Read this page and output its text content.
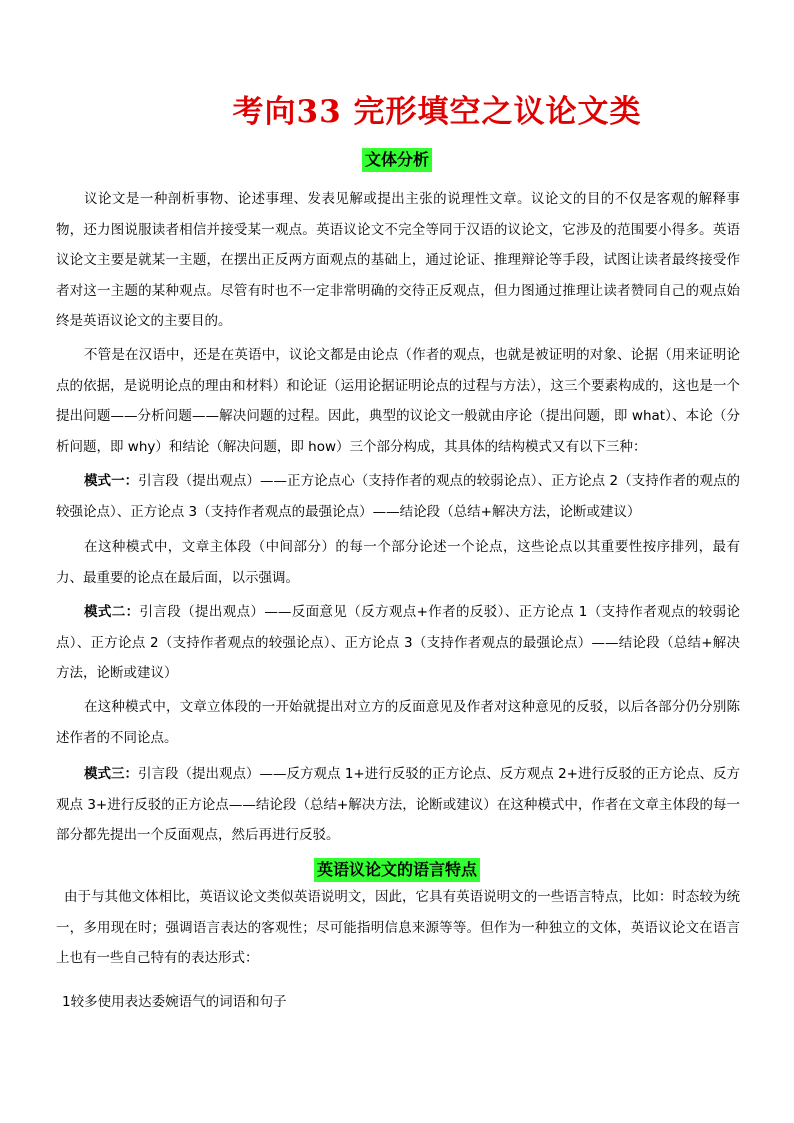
考向33 完形填空之议论文类
文体分析

议论文是一种剖析事物、论述事理、发表见解或提出主张的说理性文章。议论文的目的不仅是客观的解释事物，还力图说服读者相信并接受某一观点。英语议论文不完全等同于汉语的议论文，它涉及的范围要小得多。英语议论文主要是就某一主题，在摆出正反两方面观点的基础上，通过论证、推理辩论等手段，试图让读者最终接受作者对这一主题的某种观点。尽管有时也不一定非常明确的交待正反观点，但力图通过推理让读者赞同自己的观点始终是英语议论文的主要目的。

不管是在汉语中，还是在英语中，议论文都是由论点（作者的观点，也就是被证明的对象、论据（用来证明论点的依据，是说明论点的理由和材料）和论证（运用论据证明论点的过程与方法），这三个要素构成的，这也是一个提出问题——分析问题——解决问题的过程。因此，典型的议论文一般就由序论（提出问题，即 what）、本论（分析问题，即 why）和结论（解决问题，即 how）三个部分构成，其具体的结构模式又有以下三种：

模式一：引言段（提出观点）——正方论点心（支持作者的观点的较弱论点）、正方论点 2（支持作者的观点的较强论点）、正方论点 3（支持作者观点的最强论点）——结论段（总结+解决方法，论断或建议）

在这种模式中，文章主体段（中间部分）的每一个部分论述一个论点，这些论点以其重要性按序排列，最有力、最重要的论点在最后面，以示强调。

模式二：引言段（提出观点）——反面意见（反方观点+作者的反驳）、正方论点 1（支持作者观点的较弱论点）、正方论点 2（支持作者观点的较强论点）、正方论点 3（支持作者观点的最强论点）——结论段（总结+解决方法，论断或建议）

在这种模式中，文章立体段的一开始就提出对立方的反面意见及作者对这种意见的反驳，以后各部分仍分别陈述作者的不同论点。

模式三：引言段（提出观点）——反方观点 1+进行反驳的正方论点、反方观点 2+进行反驳的正方论点、反方观点 3+进行反驳的正方论点——结论段（总结+解决方法，论断或建议）在这种模式中，作者在文章主体段的每一部分都先提出一个反面观点，然后再进行反驳。

英语议论文的语言特点

由于与其他文体相比，英语议论文类似英语说明文，因此，它具有英语说明文的一些语言特点，比如：时态较为统一，多用现在时；强调语言表达的客观性；尽可能指明信息来源等等。但作为一种独立的文体，英语议论文在语言上也有一些自己特有的表达形式：

1较多使用表达委婉语气的词语和句子
